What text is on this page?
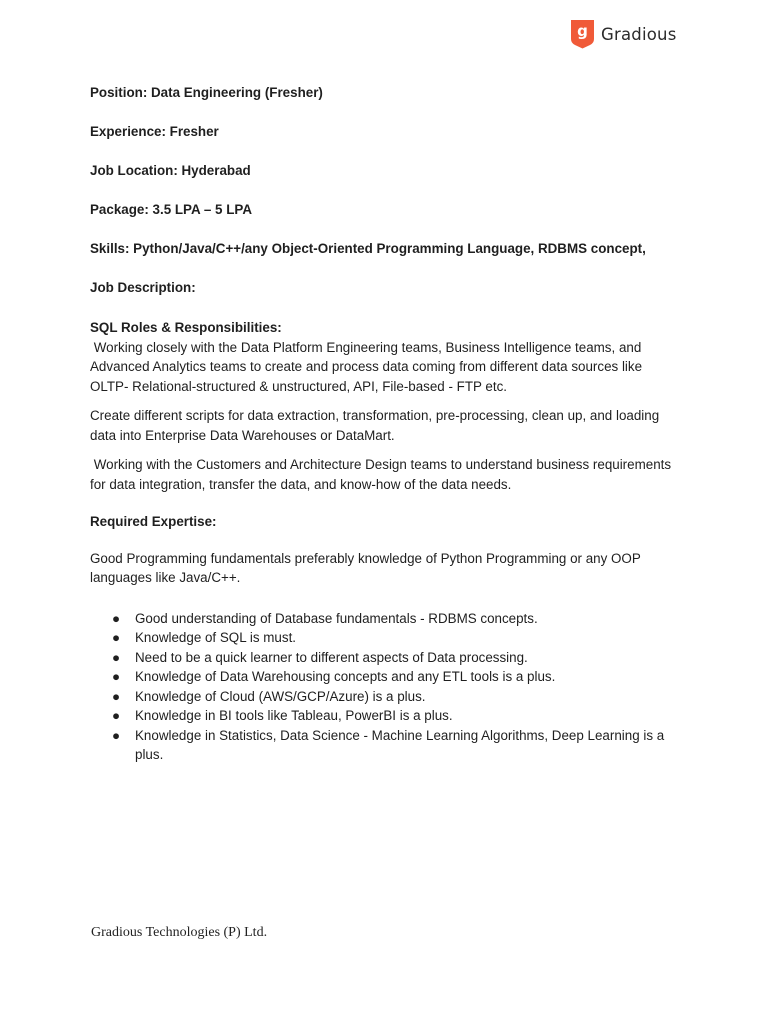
g Gradious

Position: Data Engineering (Fresher)

Experience: Fresher

Job Location: Hyderabad

Package: 3.5 LPA – 5 LPA

Skills: Python/Java/C++/any Object-Oriented Programming Language, RDBMS concept,

Job Description:

SQL Roles & Responsibilities:

Working closely with the Data Platform Engineering teams, Business Intelligence teams, and Advanced Analytics teams to create and process data coming from different data sources like OLTP- Relational-structured & unstructured, API, File-based - FTP etc.

Create different scripts for data extraction, transformation, pre-processing, clean up, and loading data into Enterprise Data Warehouses or DataMart.

Working with the Customers and Architecture Design teams to understand business requirements for data integration, transfer the data, and know-how of the data needs.

Required Expertise:

Good Programming fundamentals preferably knowledge of Python Programming or any OOP languages like Java/C++.

● Good understanding of Database fundamentals - RDBMS concepts.
● Knowledge of SQL is must.
● Need to be a quick learner to different aspects of Data processing.
● Knowledge of Data Warehousing concepts and any ETL tools is a plus.
● Knowledge of Cloud (AWS/GCP/Azure) is a plus.
● Knowledge in BI tools like Tableau, PowerBI is a plus.
● Knowledge in Statistics, Data Science - Machine Learning Algorithms, Deep Learning is a plus.
Gradious Technologies (P) Ltd.
